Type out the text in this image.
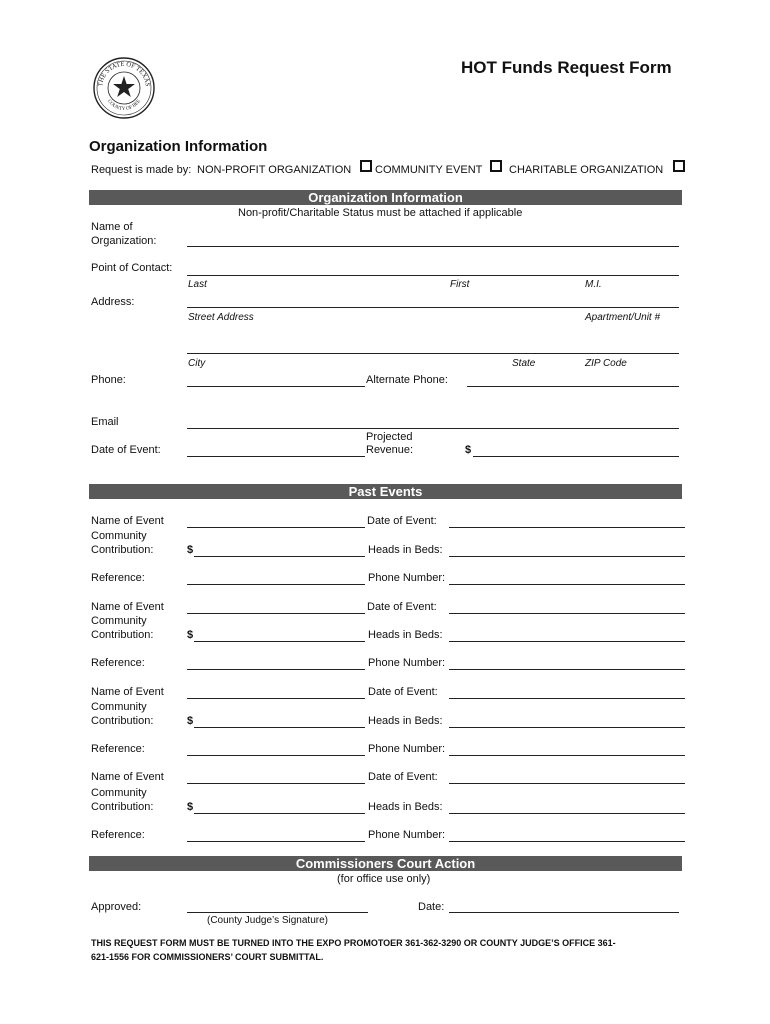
THE STATE OF TEXAS
COUNTY OF BEE
HOT Funds Request Form
Organization Information
Request is made by: NON-PROFIT ORGANIZATION COMMUNITY EVENT CHARITABLE ORGANIZATION
Organization Information
Non-profit/Charitable Status must be attached if applicable
Name of
Organization:
Point of Contact:
Last	First	M.I.
Address:
Street Address	Apartment/Unit #
City	State	ZIP Code
Phone:	Alternate Phone:
Email
Date of Event:
Projected
Revenue:	$
Past Events
Name of Event	Date of Event:
Community
Contribution:	$	Heads in Beds:
Reference:	Phone Number:
Name of Event	Date of Event:
Community
Contribution:	$	Heads in Beds:
Reference:	Phone Number:
Name of Event	Date of Event:
Community
Contribution:	$	Heads in Beds:
Reference:	Phone Number:
Name of Event	Date of Event:
Community
Contribution:	$	Heads in Beds:
Reference:	Phone Number:
Commissioners Court Action
(for office use only)
Approved:
(County Judge’s Signature)
Date:
THIS REQUEST FORM MUST BE TURNED INTO THE EXPO PROMOTOER 361-362-3290 OR COUNTY JUDGE’S OFFICE 361-
621-1556 FOR COMMISSIONERS’ COURT SUBMITTAL.
